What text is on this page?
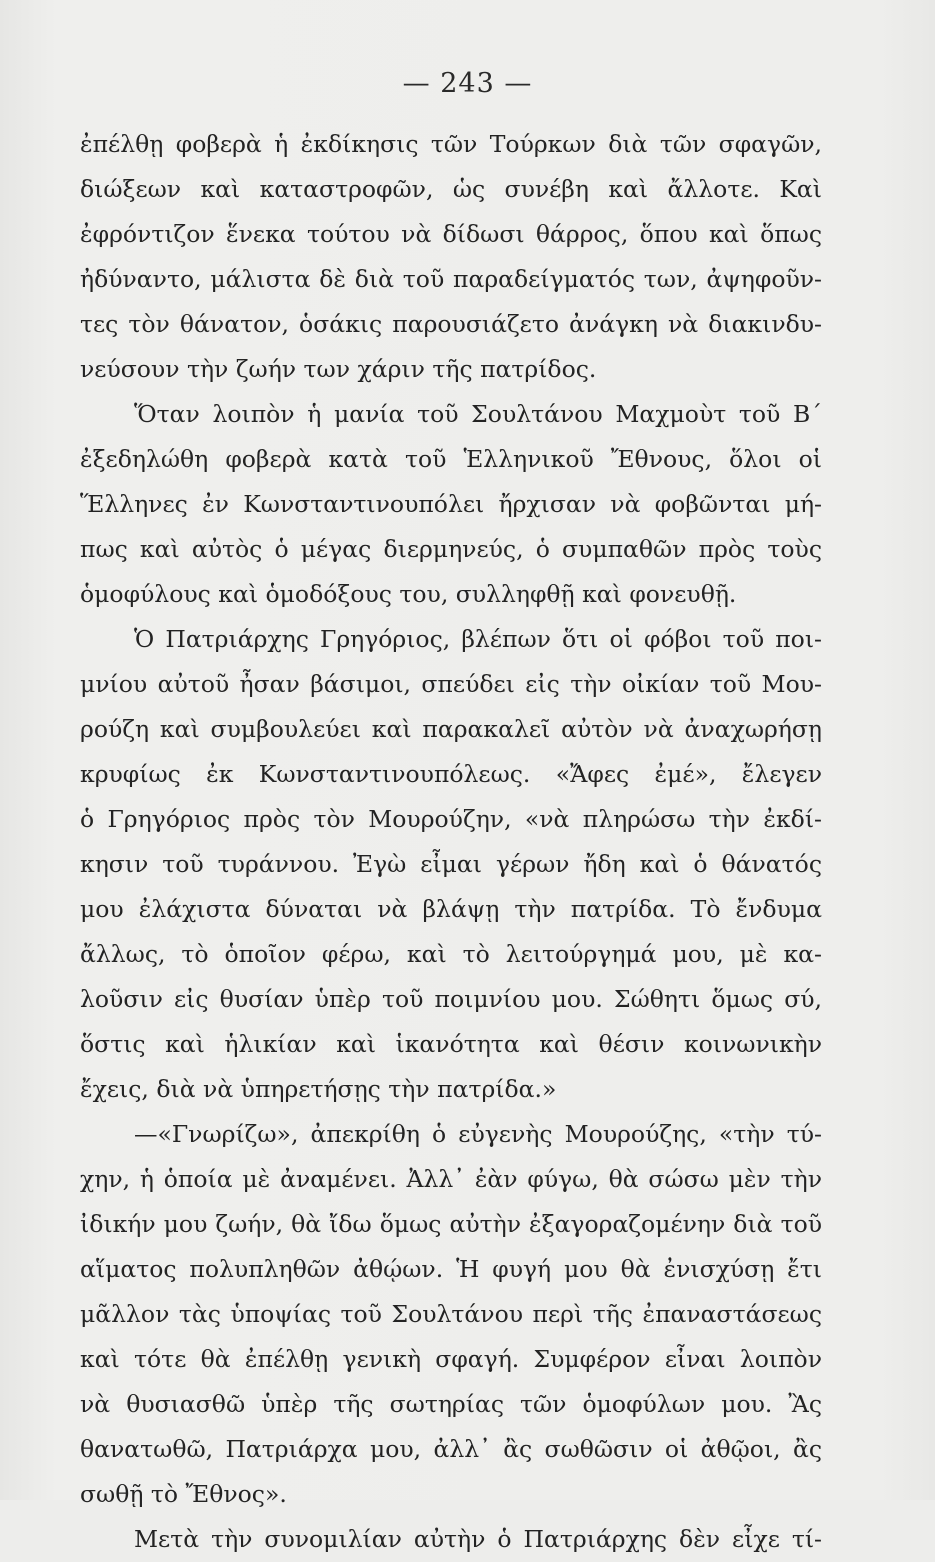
— 243 —
ἐπέλθῃ φοβερὰ ἡ ἐκδίκησις τῶν Τούρκων διὰ τῶν σφαγῶν,
διώξεων καὶ καταστροφῶν, ὡς συνέβη καὶ ἄλλοτε. Καὶ
ἐφρόντιζον ἕνεκα τούτου νὰ δίδωσι θάρρος, ὅπου καὶ ὅπως
ἠδύναντο, μάλιστα δὲ διὰ τοῦ παραδείγματός των, ἀψηφοῦν-
τες τὸν θάνατον, ὁσάκις παρουσιάζετο ἀνάγκη νὰ διακινδυ-
νεύσουν τὴν ζωήν των χάριν τῆς πατρίδος.
Ὅταν λοιπὸν ἡ μανία τοῦ Σουλτάνου Μαχμοὺτ τοῦ Β΄
ἐξεδηλώθη φοβερὰ κατὰ τοῦ Ἑλληνικοῦ Ἔθνους, ὅλοι οἱ
Ἕλληνες ἐν Κωνσταντινουπόλει ἤρχισαν νὰ φοβῶνται μή-
πως καὶ αὐτὸς ὁ μέγας διερμηνεύς, ὁ συμπαθῶν πρὸς τοὺς
ὁμοφύλους καὶ ὁμοδόξους του, συλληφθῇ καὶ φονευθῇ.
Ὁ Πατριάρχης Γρηγόριος, βλέπων ὅτι οἱ φόβοι τοῦ ποι-
μνίου αὐτοῦ ἦσαν βάσιμοι, σπεύδει εἰς τὴν οἰκίαν τοῦ Μου-
ρούζη καὶ συμβουλεύει καὶ παρακαλεῖ αὐτὸν νὰ ἀναχωρήσῃ
κρυφίως ἐκ Κωνσταντινουπόλεως. «Ἄφες ἐμέ», ἔλεγεν
ὁ Γρηγόριος πρὸς τὸν Μουρούζην, «νὰ πληρώσω τὴν ἐκδί-
κησιν τοῦ τυράννου. Ἐγὼ εἶμαι γέρων ἤδη καὶ ὁ θάνατός
μου ἐλάχιστα δύναται νὰ βλάψῃ τὴν πατρίδα. Τὸ ἔνδυμα
ἄλλως, τὸ ὁποῖον φέρω, καὶ τὸ λειτούργημά μου, μὲ κα-
λοῦσιν εἰς θυσίαν ὑπὲρ τοῦ ποιμνίου μου. Σώθητι ὅμως σύ,
ὅστις καὶ ἡλικίαν καὶ ἱκανότητα καὶ θέσιν κοινωνικὴν
ἔχεις, διὰ νὰ ὑπηρετήσῃς τὴν πατρίδα.»
—«Γνωρίζω», ἀπεκρίθη ὁ εὐγενὴς Μουρούζης, «τὴν τύ-
χην, ἡ ὁποία μὲ ἀναμένει. Ἀλλ᾽ ἐὰν φύγω, θὰ σώσω μὲν τὴν
ἰδικήν μου ζωήν, θὰ ἴδω ὅμως αὐτὴν ἐξαγοραζομένην διὰ τοῦ
αἵματος πολυπληθῶν ἀθῴων. Ἡ φυγή μου θὰ ἐνισχύσῃ ἔτι
μᾶλλον τὰς ὑποψίας τοῦ Σουλτάνου περὶ τῆς ἐπαναστάσεως
καὶ τότε θὰ ἐπέλθῃ γενικὴ σφαγή. Συμφέρον εἶναι λοιπὸν
νὰ θυσιασθῶ ὑπὲρ τῆς σωτηρίας τῶν ὁμοφύλων μου. Ἂς
θανατωθῶ, Πατριάρχα μου, ἀλλ᾽ ἂς σωθῶσιν οἱ ἀθῷοι, ἂς
σωθῇ τὸ Ἔθνος».
Μετὰ τὴν συνομιλίαν αὐτὴν ὁ Πατριάρχης δὲν εἶχε τί-
